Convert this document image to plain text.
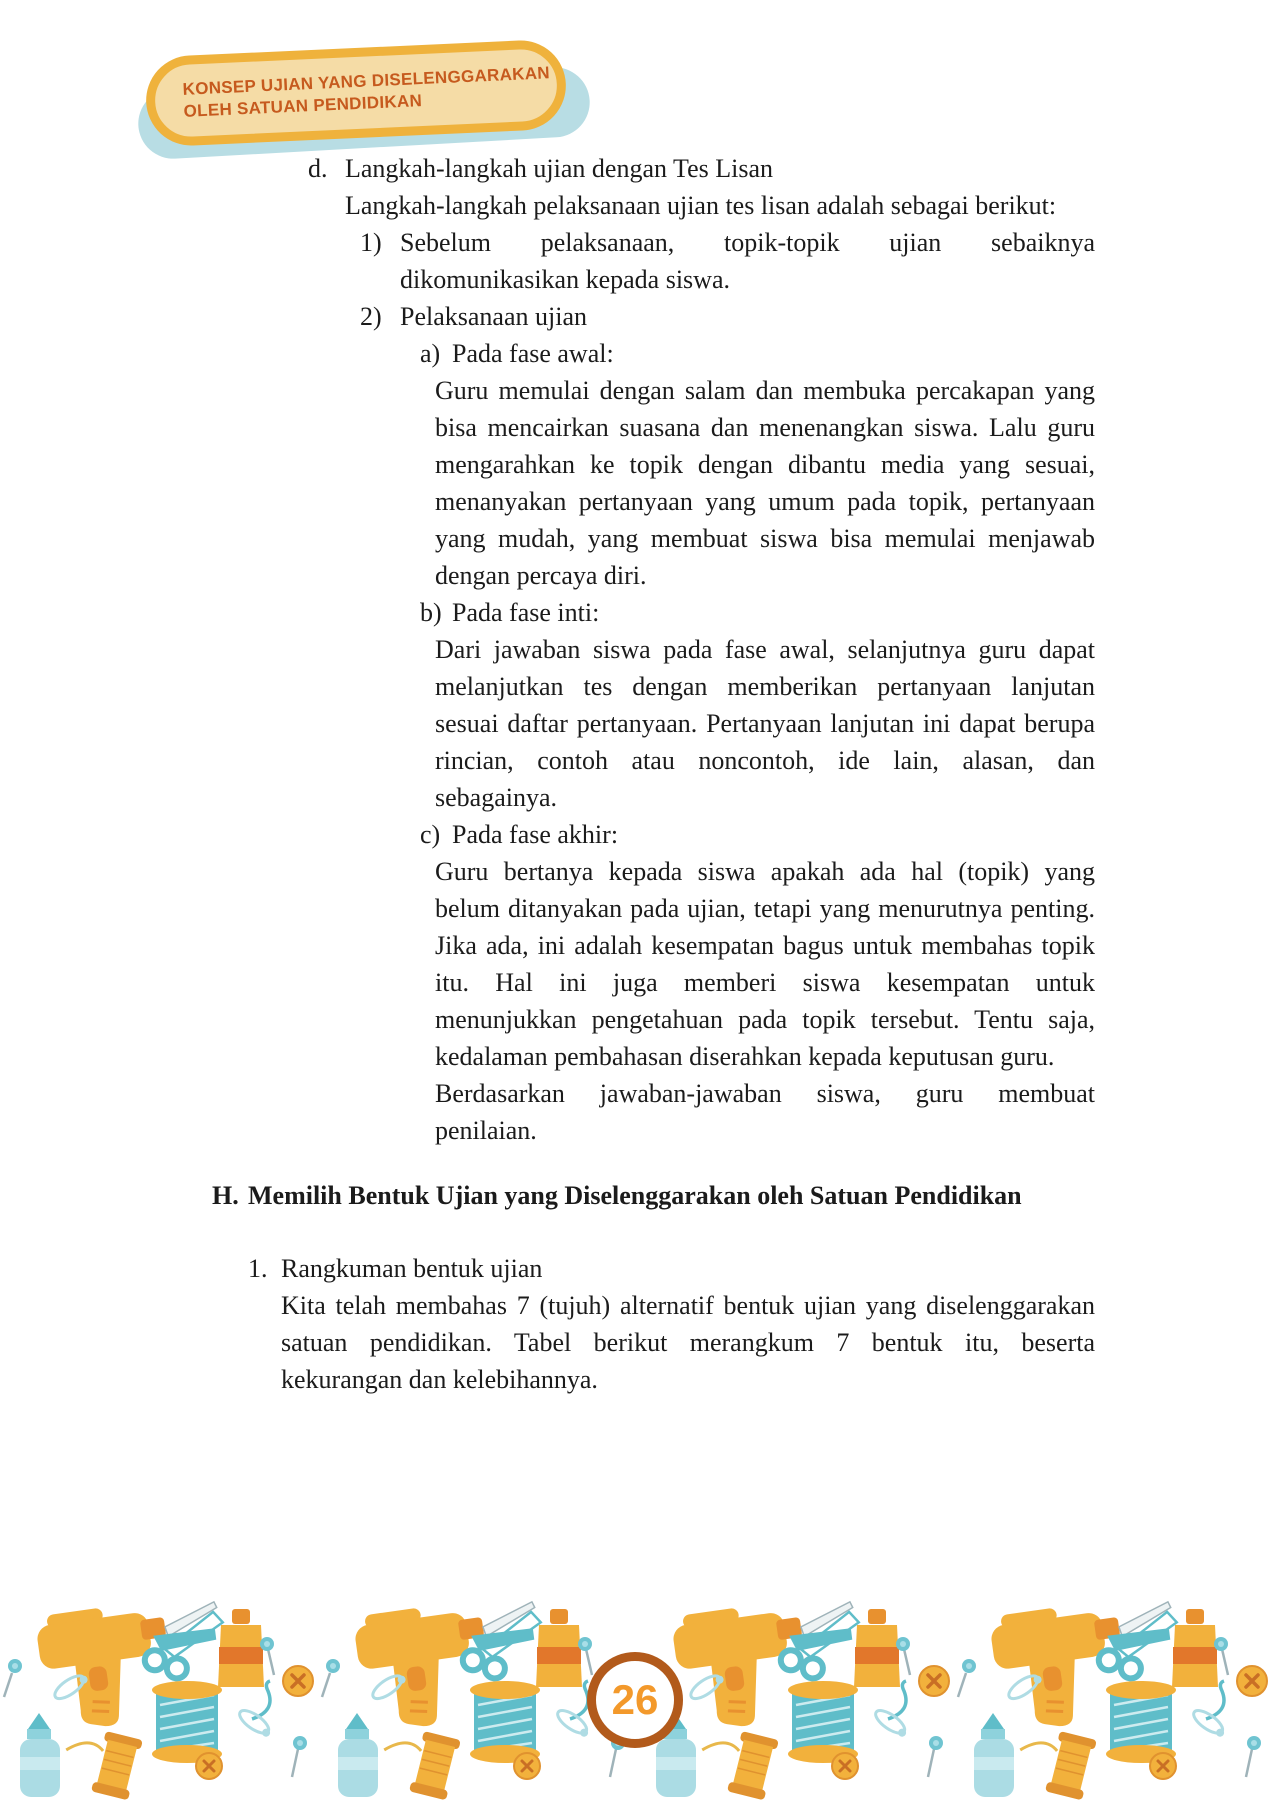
KONSEP UJIAN YANG DISELENGGARAKAN
OLEH SATUAN PENDIDIKAN
d. Langkah-langkah ujian dengan Tes Lisan
Langkah-langkah pelaksanaan ujian tes lisan adalah sebagai berikut:
1) Sebelum pelaksanaan, topik-topik ujian sebaiknya dikomunikasikan kepada siswa.
2) Pelaksanaan ujian
a) Pada fase awal:
Guru memulai dengan salam dan membuka percakapan yang bisa mencairkan suasana dan menenangkan siswa. Lalu guru mengarahkan ke topik dengan dibantu media yang sesuai, menanyakan pertanyaan yang umum pada topik, pertanyaan yang mudah, yang membuat siswa bisa memulai menjawab dengan percaya diri.
b) Pada fase inti:
Dari jawaban siswa pada fase awal, selanjutnya guru dapat melanjutkan tes dengan memberikan pertanyaan lanjutan sesuai daftar pertanyaan. Pertanyaan lanjutan ini dapat berupa rincian, contoh atau noncontoh, ide lain, alasan, dan sebagainya.
c) Pada fase akhir:
Guru bertanya kepada siswa apakah ada hal (topik) yang belum ditanyakan pada ujian, tetapi yang menurutnya penting. Jika ada, ini adalah kesempatan bagus untuk membahas topik itu. Hal ini juga memberi siswa kesempatan untuk menunjukkan pengetahuan pada topik tersebut. Tentu saja, kedalaman pembahasan diserahkan kepada keputusan guru.
Berdasarkan jawaban-jawaban siswa, guru membuat
penilaian.
H. Memilih Bentuk Ujian yang Diselenggarakan oleh Satuan Pendidikan
1. Rangkuman bentuk ujian
Kita telah membahas 7 (tujuh) alternatif bentuk ujian yang diselenggarakan satuan pendidikan. Tabel berikut merangkum 7 bentuk itu, beserta kekurangan dan kelebihannya.
26
